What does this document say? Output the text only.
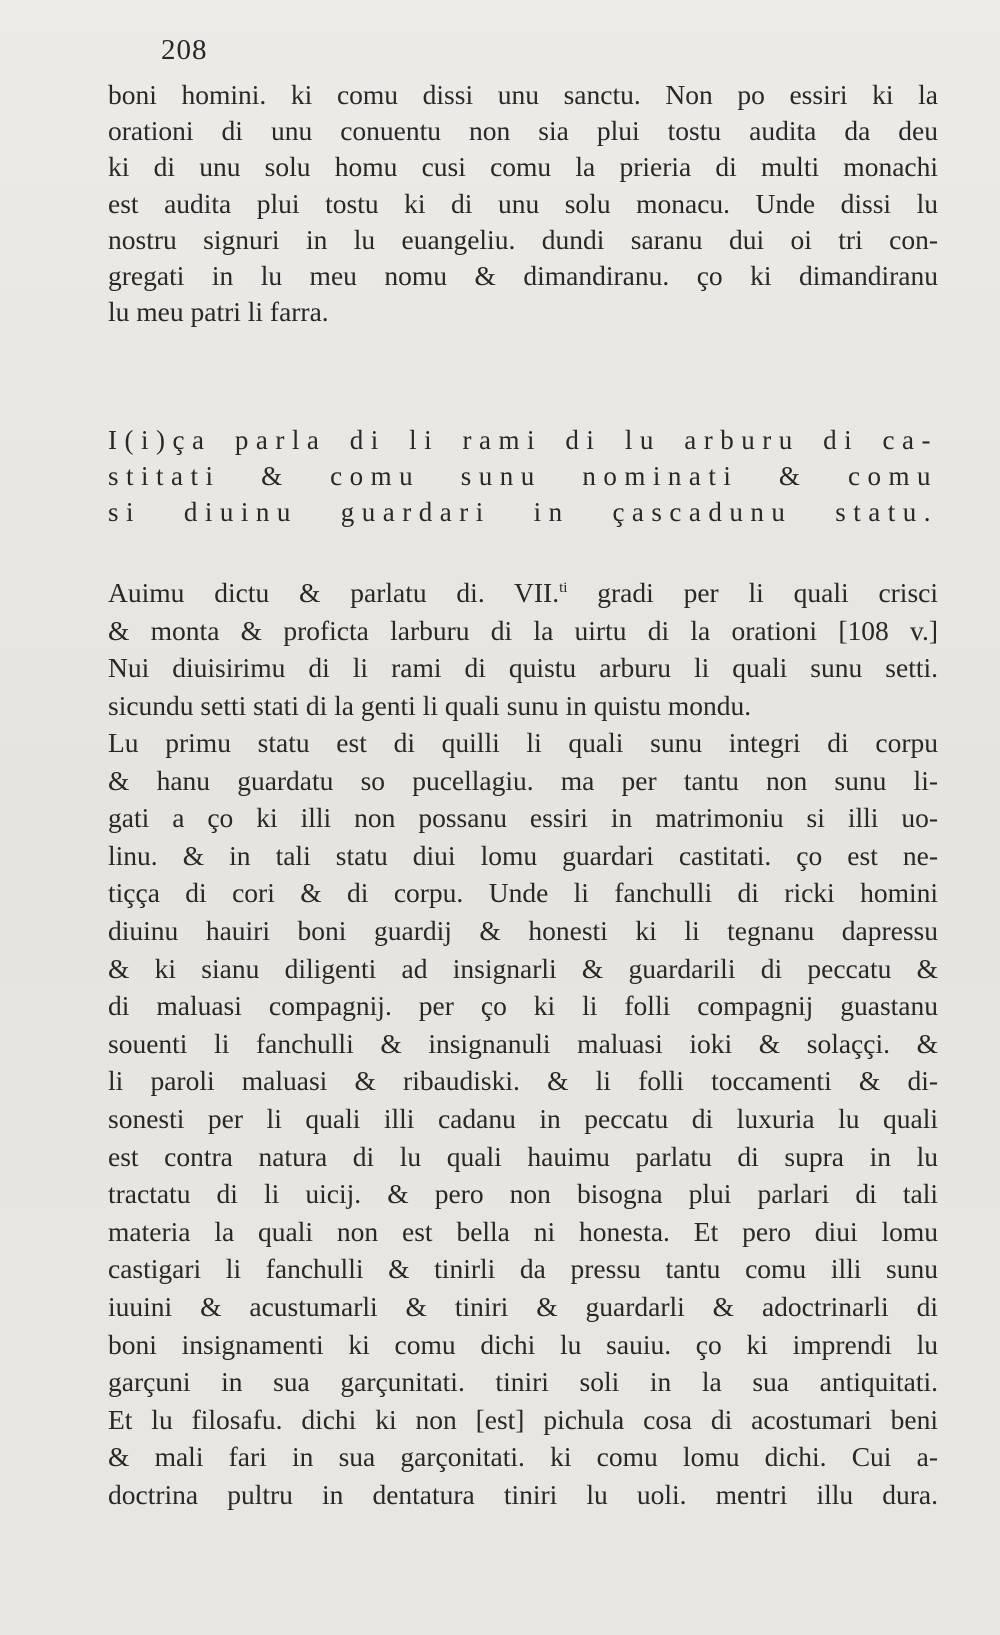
208
boni homini. ki comu dissi unu sanctu. Non po essiri ki la
orationi di unu conuentu non sia plui tostu audita da deu
ki di unu solu homu cusi comu la prieria di multi monachi
est audita plui tostu ki di unu solu monacu. Unde dissi lu
nostru signuri in lu euangeliu. dundi saranu dui oi tri con-
gregati in lu meu nomu & dimandiranu. ço ki dimandiranu
lu meu patri li farra.
I(i)ça parla di li rami di lu arburu di ca-
stitati & comu sunu nominati & comu
si diuinu guardari in çascadunu statu.
Auimu dictu & parlatu di. VII.$^{ti}$ gradi per li quali crisci
& monta & proficta larburu di la uirtu di la orationi [108 v.]
Nui diuisirimu di li rami di quistu arburu li quali sunu setti.
sicundu setti stati di la genti li quali sunu in quistu mondu.
Lu primu statu est di quilli li quali sunu integri di corpu
& hanu guardatu so pucellagiu. ma per tantu non sunu li-
gati a ço ki illi non possanu essiri in matrimoniu si illi uo-
linu. & in tali statu diui lomu guardari castitati. ço est ne-
tiçça di cori & di corpu. Unde li fanchulli di ricki homini
diuinu hauiri boni guardij & honesti ki li tegnanu dapressu
& ki sianu diligenti ad insignarli & guardarili di peccatu &
di maluasi compagnij. per ço ki li folli compagnij guastanu
souenti li fanchulli & insignanuli maluasi ioki & solaççi. &
li paroli maluasi & ribaudiski. & li folli toccamenti & di-
sonesti per li quali illi cadanu in peccatu di luxuria lu quali
est contra natura di lu quali hauimu parlatu di supra in lu
tractatu di li uicij. & pero non bisogna plui parlari di tali
materia la quali non est bella ni honesta. Et pero diui lomu
castigari li fanchulli & tinirli da pressu tantu comu illi sunu
iuuini & acustumarli & tiniri & guardarli & adoctrinarli di
boni insignamenti ki comu dichi lu sauiu. ço ki imprendi lu
garçuni in sua garçunitati. tiniri soli in la sua antiquitati.
Et lu filosafu. dichi ki non [est] pichula cosa di acostumari beni
& mali fari in sua garçonitati. ki comu lomu dichi. Cui a-
doctrina pultru in dentatura tiniri lu uoli. mentri illu dura.
